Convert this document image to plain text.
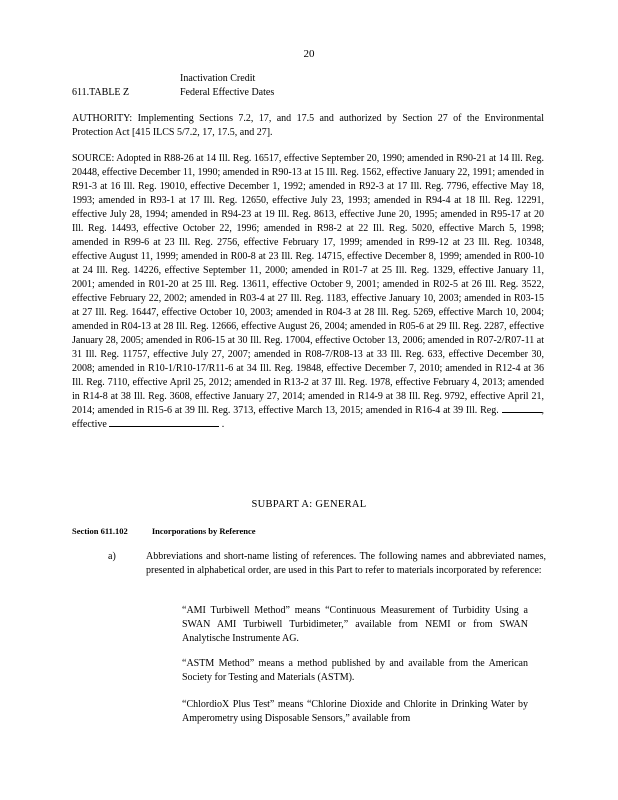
20
Inactivation Credit
611.TABLE Z	Federal Effective Dates
AUTHORITY: Implementing Sections 7.2, 17, and 17.5 and authorized by Section 27 of the Environmental Protection Act [415 ILCS 5/7.2, 17, 17.5, and 27].
SOURCE: Adopted in R88-26 at 14 Ill. Reg. 16517, effective September 20, 1990; amended in R90-21 at 14 Ill. Reg. 20448, effective December 11, 1990; amended in R90-13 at 15 Ill. Reg. 1562, effective January 22, 1991; amended in R91-3 at 16 Ill. Reg. 19010, effective December 1, 1992; amended in R92-3 at 17 Ill. Reg. 7796, effective May 18, 1993; amended in R93-1 at 17 Ill. Reg. 12650, effective July 23, 1993; amended in R94-4 at 18 Ill. Reg. 12291, effective July 28, 1994; amended in R94-23 at 19 Ill. Reg. 8613, effective June 20, 1995; amended in R95-17 at 20 Ill. Reg. 14493, effective October 22, 1996; amended in R98-2 at 22 Ill. Reg. 5020, effective March 5, 1998; amended in R99-6 at 23 Ill. Reg. 2756, effective February 17, 1999; amended in R99-12 at 23 Ill. Reg. 10348, effective August 11, 1999; amended in R00-8 at 23 Ill. Reg. 14715, effective December 8, 1999; amended in R00-10 at 24 Ill. Reg. 14226, effective September 11, 2000; amended in R01-7 at 25 Ill. Reg. 1329, effective January 11, 2001; amended in R01-20 at 25 Ill. Reg. 13611, effective October 9, 2001; amended in R02-5 at 26 Ill. Reg. 3522, effective February 22, 2002; amended in R03-4 at 27 Ill. Reg. 1183, effective January 10, 2003; amended in R03-15 at 27 Ill. Reg. 16447, effective October 10, 2003; amended in R04-3 at 28 Ill. Reg. 5269, effective March 10, 2004; amended in R04-13 at 28 Ill. Reg. 12666, effective August 26, 2004; amended in R05-6 at 29 Ill. Reg. 2287, effective January 28, 2005; amended in R06-15 at 30 Ill. Reg. 17004, effective October 13, 2006; amended in R07-2/R07-11 at 31 Ill. Reg. 11757, effective July 27, 2007; amended in R08-7/R08-13 at 33 Ill. Reg. 633, effective December 30, 2008; amended in R10-1/R10-17/R11-6 at 34 Ill. Reg. 19848, effective December 7, 2010; amended in R12-4 at 36 Ill. Reg. 7110, effective April 25, 2012; amended in R13-2 at 37 Ill. Reg. 1978, effective February 4, 2013; amended in R14-8 at 38 Ill. Reg. 3608, effective January 27, 2014; amended in R14-9 at 38 Ill. Reg. 9792, effective April 21, 2014; amended in R15-6 at 39 Ill. Reg. 3713, effective March 13, 2015; amended in R16-4 at 39 Ill. Reg.	, effective	.
SUBPART A: GENERAL
Section 611.102	Incorporations by Reference
a)	Abbreviations and short-name listing of references. The following names and abbreviated names, presented in alphabetical order, are used in this Part to refer to materials incorporated by reference:
“AMI Turbiwell Method” means “Continuous Measurement of Turbidity Using a SWAN AMI Turbiwell Turbidimeter,” available from NEMI or from SWAN Analytische Instrumente AG.
“ASTM Method” means a method published by and available from the American Society for Testing and Materials (ASTM).
“ChlordioX Plus Test” means “Chlorine Dioxide and Chlorite in Drinking Water by Amperometry using Disposable Sensors,” available from
